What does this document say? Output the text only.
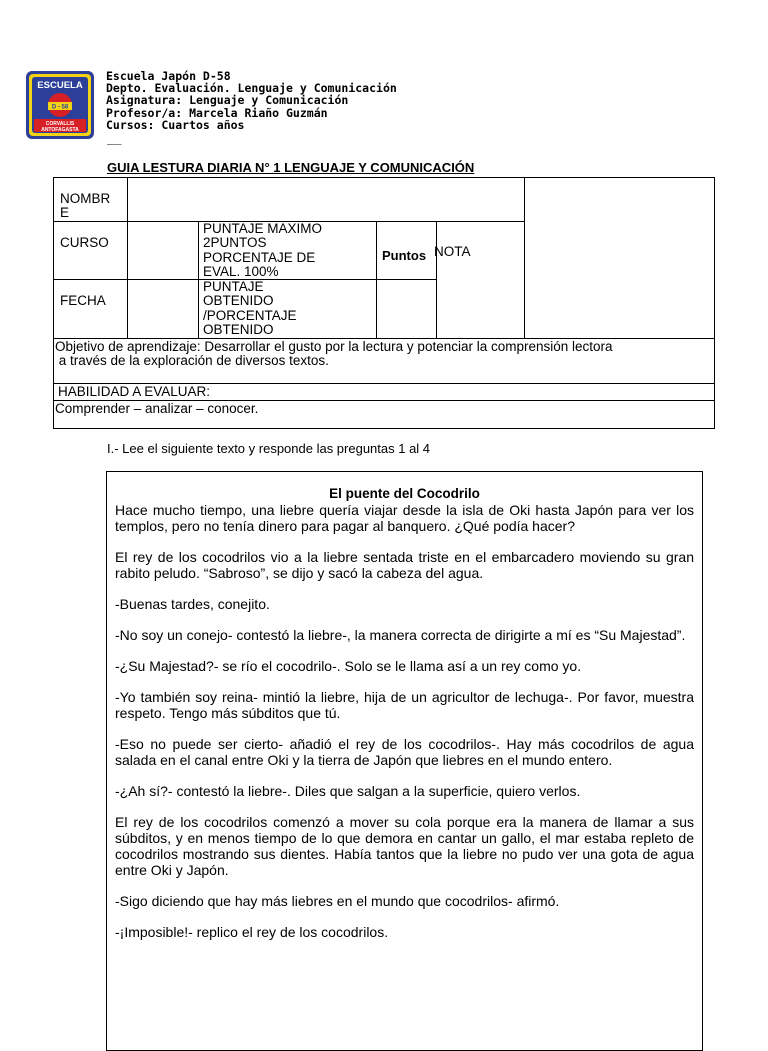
ESCUELA
D - 58
CORVALLIS
ANTOFAGASTA
Escuela Japón D-58
Depto. Evaluación. Lenguaje y Comunicación
Asignatura: Lenguaje y Comunicación
Profesor/a: Marcela Riaño Guzmán
Cursos: Cuartos años
__
GUIA LESTURA DIARIA N° 1 LENGUAJE Y COMUNICACIÓN
NOMBR
E
CURSO
FECHA
PUNTAJE MAXIMO
2PUNTOS
PORCENTAJE DE
EVAL. 100%
PUNTAJE
OBTENIDO
/PORCENTAJE
OBTENIDO
Puntos NOTA
Objetivo de aprendizaje: Desarrollar el gusto por la lectura y potenciar la comprensión lectora
a través de la exploración de diversos textos.
HABILIDAD A EVALUAR:
Comprender – analizar – conocer.
I.- Lee el siguiente texto y responde las preguntas 1 al 4
El puente del Cocodrilo

Hace mucho tiempo, una liebre quería viajar desde la isla de Oki hasta Japón para ver los templos, pero no tenía dinero para pagar al banquero. ¿Qué podía hacer?

El rey de los cocodrilos vio a la liebre sentada triste en el embarcadero moviendo su gran rabito peludo. “Sabroso”, se dijo y sacó la cabeza del agua.

-Buenas tardes, conejito.

-No soy un conejo- contestó la liebre-, la manera correcta de dirigirte a mí es “Su Majestad”.

-¿Su Majestad?- se río el cocodrilo-. Solo se le llama así a un rey como yo.

-Yo también soy reina- mintió la liebre, hija de un agricultor de lechuga-. Por favor, muestra respeto. Tengo más súbditos que tú.

-Eso no puede ser cierto- añadió el rey de los cocodrilos-. Hay más cocodrilos de agua salada en el canal entre Oki y la tierra de Japón que liebres en el mundo entero.

-¿Ah sí?- contestó la liebre-. Diles que salgan a la superficie, quiero verlos.

El rey de los cocodrilos comenzó a mover su cola porque era la manera de llamar a sus súbditos, y en menos tiempo de lo que demora en cantar un gallo, el mar estaba repleto de cocodrilos mostrando sus dientes. Había tantos que la liebre no pudo ver una gota de agua entre Oki y Japón.

-Sigo diciendo que hay más liebres en el mundo que cocodrilos- afirmó.

-¡Imposible!- replico el rey de los cocodrilos.
